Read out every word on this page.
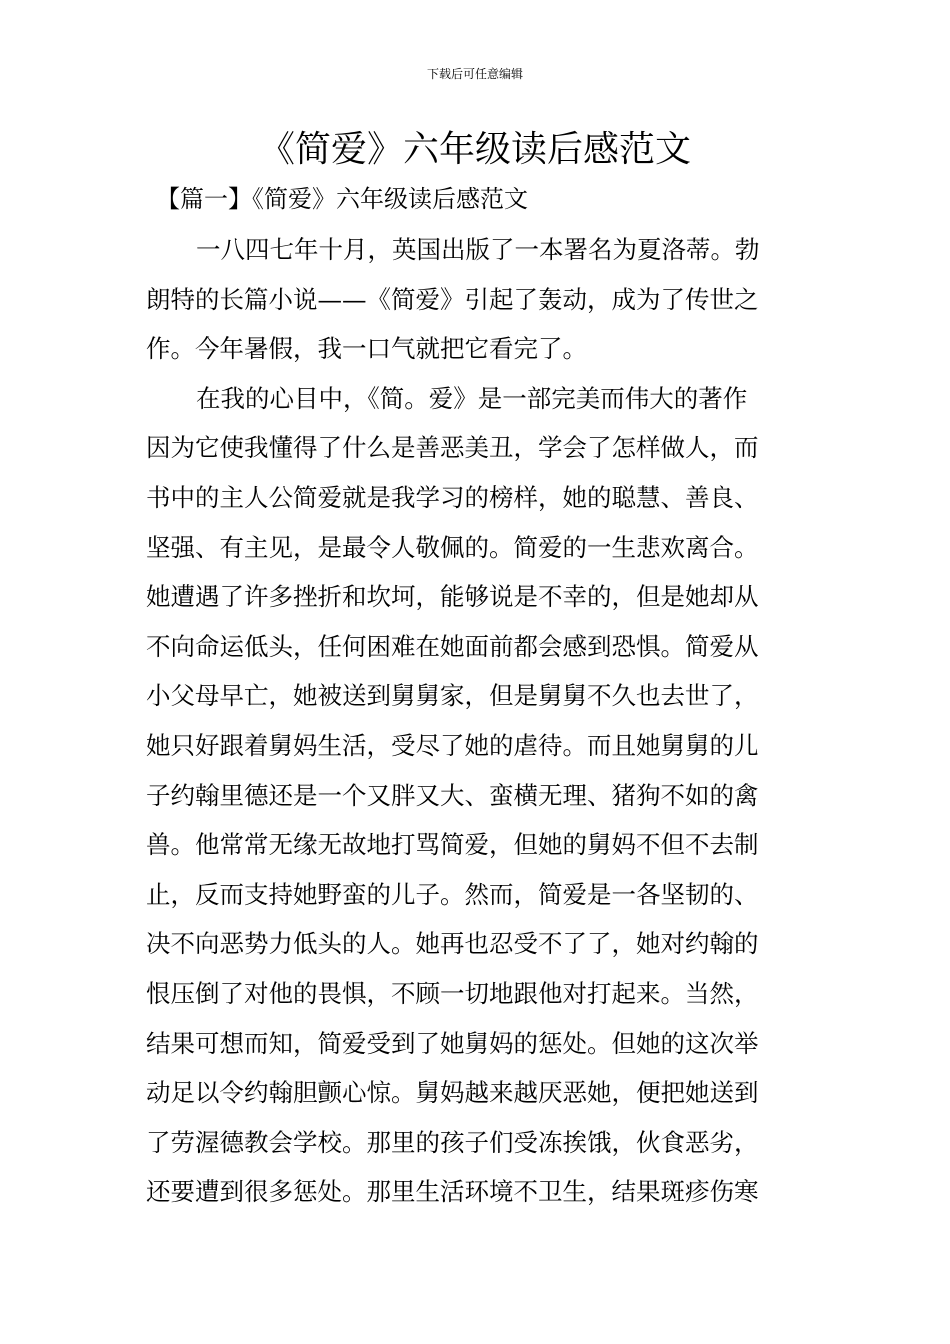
下载后可任意编辑
《简爱》六年级读后感范文
【篇一】《简爱》六年级读后感范文
一八四七年十月，英国出版了一本署名为夏洛蒂。勃
朗特的长篇小说——《简爱》引起了轰动，成为了传世之
作。今年暑假，我一口气就把它看完了。
在我的心目中，《简。爱》是一部完美而伟大的著作
因为它使我懂得了什么是善恶美丑，学会了怎样做人，而
书中的主人公简爱就是我学习的榜样，她的聪慧、善良、
坚强、有主见，是最令人敬佩的。简爱的一生悲欢离合。
她遭遇了许多挫折和坎坷，能够说是不幸的，但是她却从
不向命运低头，任何困难在她面前都会感到恐惧。简爱从
小父母早亡，她被送到舅舅家，但是舅舅不久也去世了，
她只好跟着舅妈生活，受尽了她的虐待。而且她舅舅的儿
子约翰里德还是一个又胖又大、蛮横无理、猪狗不如的禽
兽。他常常无缘无故地打骂简爱，但她的舅妈不但不去制
止，反而支持她野蛮的儿子。然而，简爱是一各坚韧的、
决不向恶势力低头的人。她再也忍受不了了，她对约翰的
恨压倒了对他的畏惧，不顾一切地跟他对打起来。当然，
结果可想而知，简爱受到了她舅妈的惩处。但她的这次举
动足以令约翰胆颤心惊。舅妈越来越厌恶她，便把她送到
了劳渥德教会学校。那里的孩子们受冻挨饿，伙食恶劣，
还要遭到很多惩处。那里生活环境不卫生，结果斑疹伤寒
